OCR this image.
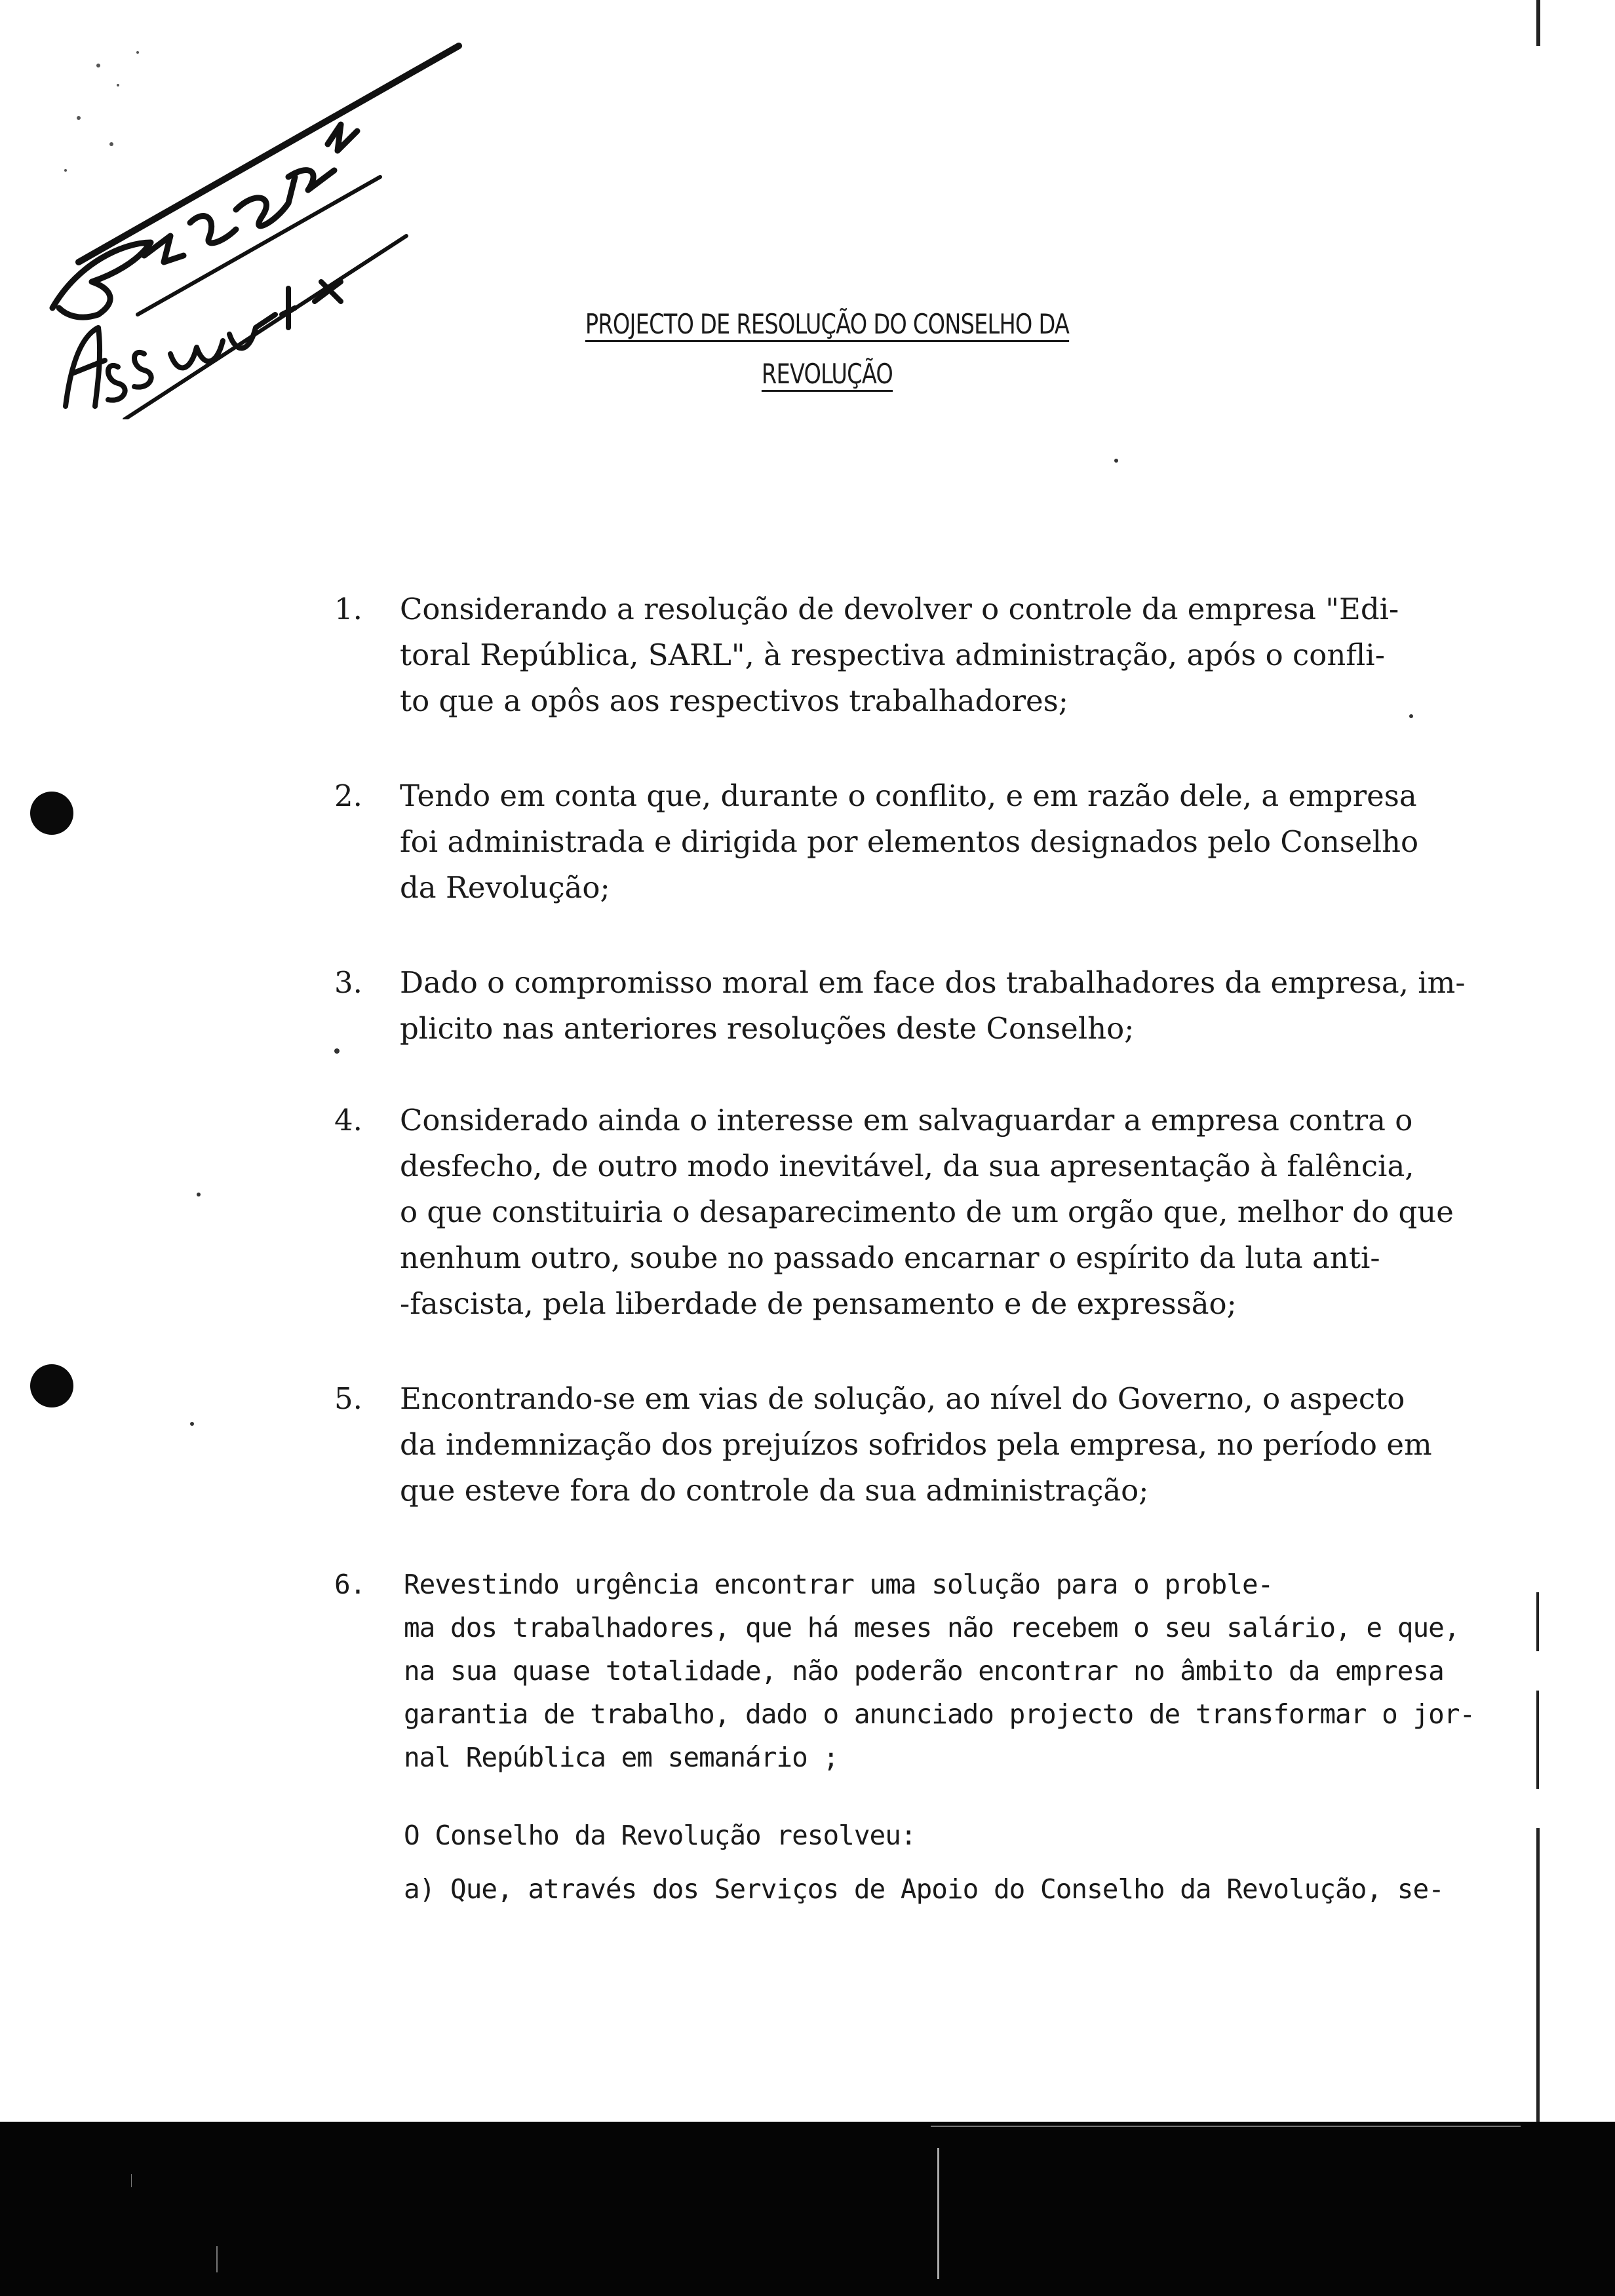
PROJECTO DE RESOLUÇÃO DO CONSELHO DA
REVOLUÇÃO
1.	Considerando a resolução de devolver o controle da empresa "Edi-
toral República, SARL", à respectiva administração, após o confli-
to que a opôs aos respectivos trabalhadores;
2.	Tendo em conta que, durante o conflito, e em razão dele, a empresa
foi administrada e dirigida por elementos designados pelo Conselho
da Revolução;
3.	Dado o compromisso moral em face dos trabalhadores da empresa, im-
plicito nas anteriores resoluções deste Conselho;
4.	Considerado ainda o interesse em salvaguardar a empresa contra o
desfecho, de outro modo inevitável, da sua apresentação à falência,
o que constituiria o desaparecimento de um orgão que, melhor do que
nenhum outro, soube no passado encarnar o espírito da luta anti-
-fascista, pela liberdade de pensamento e de expressão;
5.	Encontrando-se em vias de solução, ao nível do Governo, o aspecto
da indemnização dos prejuízos sofridos pela empresa, no período em
que esteve fora do controle da sua administração;
6.	Revestindo urgência encontrar uma solução para o proble-
ma dos trabalhadores, que há meses não recebem o seu salário, e que,
na sua quase totalidade, não poderão encontrar no âmbito da empresa
garantia de trabalho, dado o anunciado projecto de transformar o jor-
nal República em semanário ;
O Conselho da Revolução resolveu:
a) Que, através dos Serviços de Apoio do Conselho da Revolução, se-
